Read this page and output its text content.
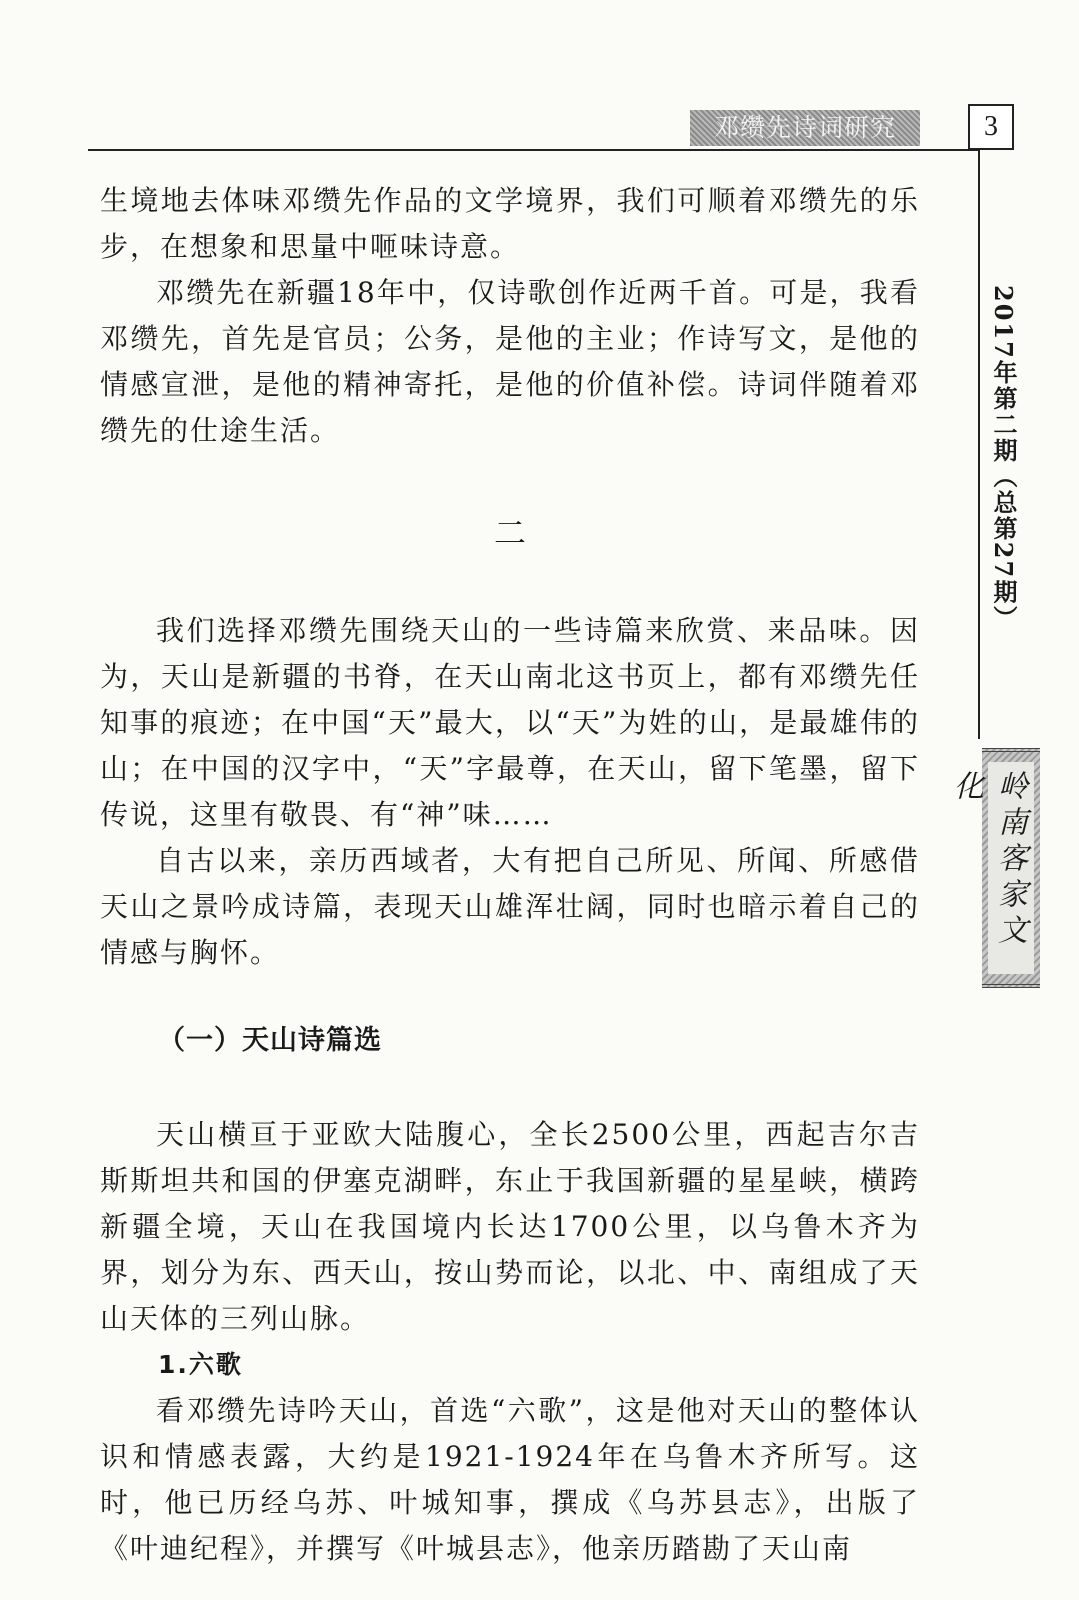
邓缵先诗词研究	3
2017年第二期（总第27期）
岭南客家文化

生境地去体味邓缵先作品的文学境界，我们可顺着邓缵先的乐步，在想象和思量中咂味诗意。

邓缵先在新疆18年中，仅诗歌创作近两千首。可是，我看邓缵先，首先是官员；公务，是他的主业；作诗写文，是他的情感宣泄，是他的精神寄托，是他的价值补偿。诗词伴随着邓缵先的仕途生活。

二

我们选择邓缵先围绕天山的一些诗篇来欣赏、来品味。因为，天山是新疆的书脊，在天山南北这书页上，都有邓缵先任知事的痕迹；在中国“天”最大，以“天”为姓的山，是最雄伟的山；在中国的汉字中，“天”字最尊，在天山，留下笔墨，留下传说，这里有敬畏、有“神”味……

自古以来，亲历西域者，大有把自己所见、所闻、所感借天山之景吟成诗篇，表现天山雄浑壮阔，同时也暗示着自己的情感与胸怀。

（一）天山诗篇选

天山横亘于亚欧大陆腹心，全长2500公里，西起吉尔吉斯斯坦共和国的伊塞克湖畔，东止于我国新疆的星星峡，横跨新疆全境，天山在我国境内长达1700公里，以乌鲁木齐为界，划分为东、西天山，按山势而论，以北、中、南组成了天山天体的三列山脉。

1.六歌

看邓缵先诗吟天山，首选“六歌”，这是他对天山的整体认识和情感表露，大约是1921-1924年在乌鲁木齐所写。这时，他已历经乌苏、叶城知事，撰成《乌苏县志》，出版了《叶迪纪程》，并撰写《叶城县志》，他亲历踏勘了天山南
